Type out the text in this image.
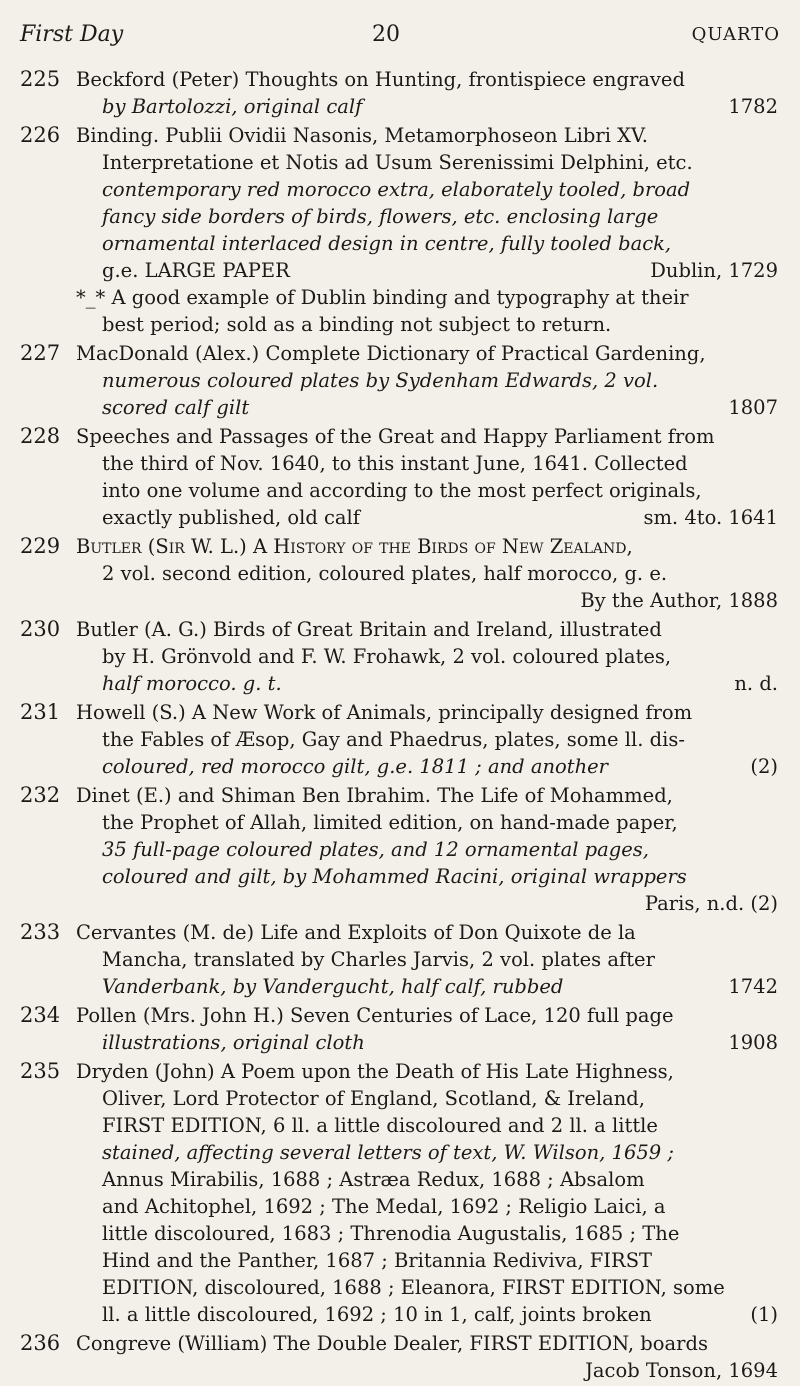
First Day	20	QUARTO
225 Beckford (Peter) Thoughts on Hunting, frontispiece engraved
by Bartolozzi, original calf	1782
226 Binding. Publii Ovidii Nasonis, Metamorphoseon Libri XV.
Interpretatione et Notis ad Usum Serenissimi Delphini, etc.
contemporary red morocco extra, elaborately tooled, broad
fancy side borders of birds, flowers, etc. enclosing large
ornamental interlaced design in centre, fully tooled back,
g.e. LARGE PAPER	Dublin, 1729
*_* A good example of Dublin binding and typography at their
best period; sold as a binding not subject to return.
227 MacDonald (Alex.) Complete Dictionary of Practical Gardening,
numerous coloured plates by Sydenham Edwards, 2 vol.
scored calf gilt	1807
228 Speeches and Passages of the Great and Happy Parliament from
the third of Nov. 1640, to this instant June, 1641. Collected
into one volume and according to the most perfect originals,
exactly published, old calf	sm. 4to. 1641
229 Butler (Sir W. L.) A History of the Birds of New Zealand,
2 vol. second edition, coloured plates, half morocco, g. e.
By the Author, 1888

230 Butler (A. G.) Birds of Great Britain and Ireland, illustrated
by H. Grönvold and F. W. Frohawk, 2 vol. coloured plates,
half morocco. g. t.	n. d.
231 Howell (S.) A New Work of Animals, principally designed from
the Fables of Æsop, Gay and Phaedrus, plates, some ll. dis-
coloured, red morocco gilt, g.e. 1811 ; and another	(2)
232 Dinet (E.) and Shiman Ben Ibrahim. The Life of Mohammed,
the Prophet of Allah, limited edition, on hand-made paper,
35 full-page coloured plates, and 12 ornamental pages,
coloured and gilt, by Mohammed Racini, original wrappers
Paris, n.d. (2)

233 Cervantes (M. de) Life and Exploits of Don Quixote de la
Mancha, translated by Charles Jarvis, 2 vol. plates after
Vanderbank, by Vandergucht, half calf, rubbed	1742
234 Pollen (Mrs. John H.) Seven Centuries of Lace, 120 full page
illustrations, original cloth	1908
235 Dryden (John) A Poem upon the Death of His Late Highness,
Oliver, Lord Protector of England, Scotland, & Ireland,
FIRST EDITION, 6 ll. a little discoloured and 2 ll. a little
stained, affecting several letters of text, W. Wilson, 1659 ;
Annus Mirabilis, 1688 ; Astræa Redux, 1688 ; Absalom
and Achitophel, 1692 ; The Medal, 1692 ; Religio Laici, a
little discoloured, 1683 ; Threnodia Augustalis, 1685 ; The
Hind and the Panther, 1687 ; Britannia Rediviva, FIRST
EDITION, discoloured, 1688 ; Eleanora, FIRST EDITION, some
ll. a little discoloured, 1692 ; 10 in 1, calf, joints broken	(1)
236 Congreve (William) The Double Dealer, FIRST EDITION, boards
Jacob Tonson, 1694
